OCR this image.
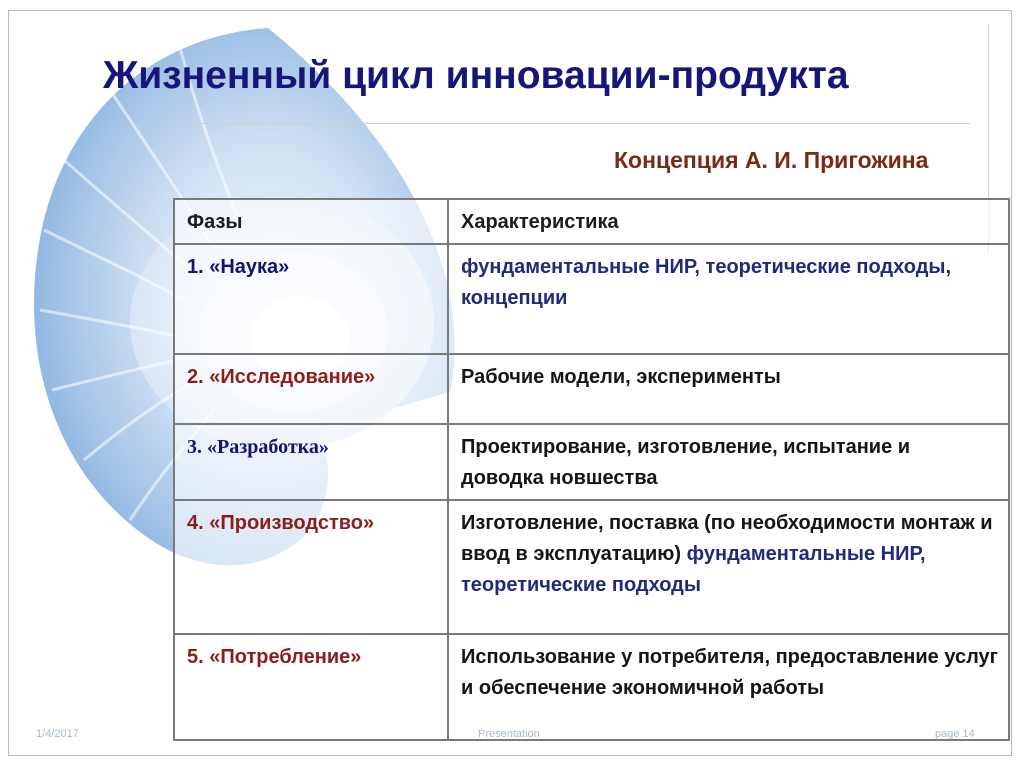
Жизненный цикл инновации-продукта
Концепция А. И. Пригожина
Фазы	Характеристика
1. «Наука»	фундаментальные НИР, теоретические подходы, концепции
2. «Исследование»	Рабочие модели, эксперименты
3. «Разработка»	Проектирование, изготовление, испытание и доводка новшества
4. «Производство»	Изготовление, поставка (по необходимости монтаж и ввод в эксплуатацию) фундаментальные НИР, теоретические подходы
5. «Потребление»	Использование у потребителя, предоставление услуг и обеспечение экономичной работы
1/4/2017	Presentation	page 14
